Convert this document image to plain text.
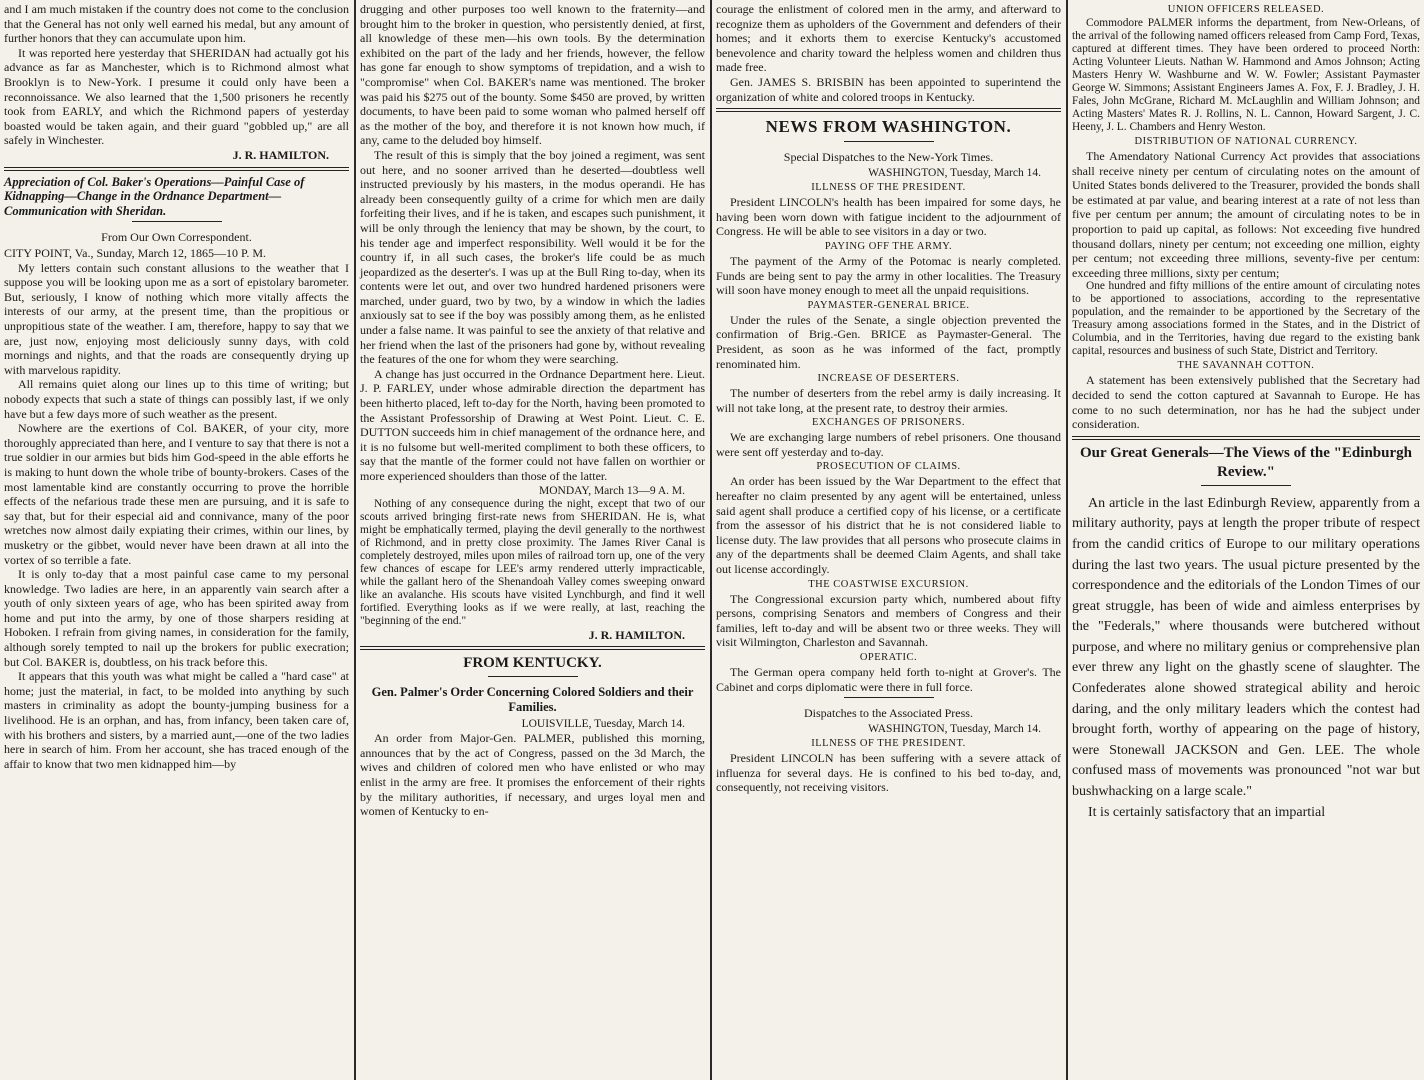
and I am much mistaken if the country does not come to the conclusion that the General has not only well earned his medal, but any amount of further honors that they can accumulate upon him.

It was reported here yesterday that SHERIDAN had actually got his advance as far as Manchester, which is to Richmond almost what Brooklyn is to New-York. I presume it could only have been a reconnoissance. We also learned that the 1,500 prisoners he recently took from EARLY, and which the Richmond papers of yesterday boasted would be taken again, and their guard "gobbled up," are all safely in Winchester.

J. R. HAMILTON.
Appreciation of Col. Baker's Operations—Painful Case of Kidnapping—Change in the Ordnance Department—Communication with Sheridan.
From Our Own Correspondent.

CITY POINT, Va., Sunday, March 12, 1865—10 P. M.

My letters contain such constant allusions to the weather that I suppose you will be looking upon me as a sort of epistolary barometer. But, seriously, I know of nothing which more vitally affects the interests of our army, at the present time, than the propitious or unpropitious state of the weather. I am, therefore, happy to say that we are, just now, enjoying most deliciously sunny days, with cold mornings and nights, and that the roads are consequently drying up with marvelous rapidity.

All remains quiet along our lines up to this time of writing; but nobody expects that such a state of things can possibly last, if we only have but a few days more of such weather as the present.

Nowhere are the exertions of Col. BAKER, of your city, more thoroughly appreciated than here, and I venture to say that there is not a true soldier in our armies but bids him God-speed in the able efforts he is making to hunt down the whole tribe of bounty-brokers. Cases of the most lamentable kind are constantly occurring to prove the horrible effects of the nefarious trade these men are pursuing, and it is safe to say that, but for their especial aid and connivance, many of the poor wretches now almost daily expiating their crimes, within our lines, by musketry or the gibbet, would never have been drawn at all into the vortex of so terrible a fate.

It is only to-day that a most painful case came to my personal knowledge. Two ladies are here, in an apparently vain search after a youth of only sixteen years of age, who has been spirited away from home and put into the army, by one of those sharpers residing at Hoboken. I refrain from giving names, in consideration for the family, although sorely tempted to nail up the brokers for public execration; but Col. BAKER is, doubtless, on his track before this.

It appears that this youth was what might be called a "hard case" at home; just the material, in fact, to be molded into anything by such masters in criminality as adopt the bounty-jumping business for a livelihood. He is an orphan, and has, from infancy, been taken care of, with his brothers and sisters, by a married aunt,—one of the two ladies here in search of him. From her account, she has traced enough of the affair to know that two men kidnapped him—by

drugging and other purposes too well known to the fraternity—and brought him to the broker in question, who persistently denied, at first, all knowledge of these men—his own tools. By the determination exhibited on the part of the lady and her friends, however, the fellow has gone far enough to show symptoms of trepidation, and a wish to "compromise" when Col. BAKER's name was mentioned. The broker was paid his $275 out of the bounty. Some $450 are proved, by written documents, to have been paid to some woman who palmed herself off as the mother of the boy, and therefore it is not known how much, if any, came to the deluded boy himself.

The result of this is simply that the boy joined a regiment, was sent out here, and no sooner arrived than he deserted—doubtless well instructed previously by his masters, in the modus operandi. He has already been consequently guilty of a crime for which men are daily forfeiting their lives, and if he is taken, and escapes such punishment, it will be only through the leniency that may be shown, by the court, to his tender age and imperfect responsibility. Well would it be for the country if, in all such cases, the broker's life could be as much jeopardized as the deserter's. I was up at the Bull Ring to-day, when its contents were let out, and over two hundred hardened prisoners were marched, under guard, two by two, by a window in which the ladies anxiously sat to see if the boy was possibly among them, as he enlisted under a false name. It was painful to see the anxiety of that relative and her friend when the last of the prisoners had gone by, without revealing the features of the one for whom they were searching.

A change has just occurred in the Ordnance Department here. Lieut. J. P. FARLEY, under whose admirable direction the department has been hitherto placed, left to-day for the North, having been promoted to the Assistant Professorship of Drawing at West Point. Lieut. C. E. DUTTON succeeds him in chief management of the ordnance here, and it is no fulsome but well-merited compliment to both these officers, to say that the mantle of the former could not have fallen on worthier or more experienced shoulders than those of the latter.

MONDAY, March 13—9 A. M.

Nothing of any consequence during the night, except that two of our scouts arrived bringing first-rate news from SHERIDAN. He is, what might be emphatically termed, playing the devil generally to the northwest of Richmond, and in pretty close proximity. The James River Canal is completely destroyed, miles upon miles of railroad torn up, one of the very few chances of escape for LEE's army rendered utterly impracticable, while the gallant hero of the Shenandoah Valley comes sweeping onward like an avalanche. His scouts have visited Lynchburgh, and find it well fortified. Everything looks as if we were really, at last, reaching the "beginning of the end."

J. R. HAMILTON.
FROM KENTUCKY.
Gen. Palmer's Order Concerning Colored Soldiers and their Families.
LOUISVILLE, Tuesday, March 14.

An order from Major-Gen. PALMER, published this morning, announces that by the act of Congress, passed on the 3d March, the wives and children of colored men who have enlisted or who may enlist in the army are free. It promises the enforcement of their rights by the military authorities, if necessary, and urges loyal men and women of Kentucky to en-

courage the enlistment of colored men in the army, and afterward to recognize them as upholders of the Government and defenders of their homes; and it exhorts them to exercise Kentucky's accustomed benevolence and charity toward the helpless women and children thus made free.

Gen. JAMES S. BRISBIN has been appointed to superintend the organization of white and colored troops in Kentucky.

NEWS FROM WASHINGTON.
Special Dispatches to the New-York Times.
WASHINGTON, Tuesday, March 14.
ILLNESS OF THE PRESIDENT.

President LINCOLN's health has been impaired for some days, he having been worn down with fatigue incident to the adjournment of Congress. He will be able to see visitors in a day or two.

PAYING OFF THE ARMY.

The payment of the Army of the Potomac is nearly completed. Funds are being sent to pay the army in other localities. The Treasury will soon have money enough to meet all the unpaid requisitions.

PAYMASTER-GENERAL BRICE.

Under the rules of the Senate, a single objection prevented the confirmation of Brig.-Gen. BRICE as Paymaster-General. The President, as soon as he was informed of the fact, promptly renominated him.

INCREASE OF DESERTERS.

The number of deserters from the rebel army is daily increasing. It will not take long, at the present rate, to destroy their armies.

EXCHANGES OF PRISONERS.

We are exchanging large numbers of rebel prisoners. One thousand were sent off yesterday and to-day.

PROSECUTION OF CLAIMS.

An order has been issued by the War Department to the effect that hereafter no claim presented by any agent will be entertained, unless said agent shall produce a certified copy of his license, or a certificate from the assessor of his district that he is not considered liable to license duty. The law provides that all persons who prosecute claims in any of the departments shall be deemed Claim Agents, and shall take out license accordingly.

THE COASTWISE EXCURSION.

The Congressional excursion party which, numbered about fifty persons, comprising Senators and members of Congress and their families, left to-day and will be absent two or three weeks. They will visit Wilmington, Charleston and Savannah.

OPERATIC.

The German opera company held forth to-night at Grover's. The Cabinet and corps diplomatic were there in full force.

Dispatches to the Associated Press.
WASHINGTON, Tuesday, March 14.
ILLNESS OF THE PRESIDENT.

President LINCOLN has been suffering with a severe attack of influenza for several days. He is confined to his bed to-day, and, consequently, not receiving visitors.

UNION OFFICERS RELEASED.

Commodore PALMER informs the department, from New-Orleans, of the arrival of the following named officers released from Camp Ford, Texas, captured at different times. They have been ordered to proceed North: Acting Volunteer Lieuts. Nathan W. Hammond and Amos Johnson; Acting Masters Henry W. Washburne and W. W. Fowler; Assistant Paymaster George W. Simmons; Assistant Engineers James A. Fox, F. J. Bradley, J. H. Fales, John McGrane, Richard M. McLaughlin and William Johnson; and Acting Masters' Mates R. J. Rollins, N. L. Cannon, Howard Sargent, J. C. Heeny, J. L. Chambers and Henry Weston.

DISTRIBUTION OF NATIONAL CURRENCY.

The Amendatory National Currency Act provides that associations shall receive ninety per centum of circulating notes on the amount of United States bonds delivered to the Treasurer, provided the bonds shall be estimated at par value, and bearing interest at a rate of not less than five per centum per annum; the amount of circulating notes to be in proportion to paid up capital, as follows: Not exceeding five hundred thousand dollars, ninety per centum; not exceeding one million, eighty per centum; not exceeding three millions, seventy-five per centum: exceeding three millions, sixty per centum;

One hundred and fifty millions of the entire amount of circulating notes to be apportioned to associations, according to the representative population, and the remainder to be apportioned by the Secretary of the Treasury among associations formed in the States, and in the District of Columbia, and in the Territories, having due regard to the existing bank capital, resources and business of such State, District and Territory.

THE SAVANNAH COTTON.

A statement has been extensively published that the Secretary had decided to send the cotton captured at Savannah to Europe. He has come to no such determination, nor has he had the subject under consideration.

Our Great Generals—The Views of the "Edinburgh Review."

An article in the last Edinburgh Review, apparently from a military authority, pays at length the proper tribute of respect from the candid critics of Europe to our military operations during the last two years. The usual picture presented by the correspondence and the editorials of the London Times of our great struggle, has been of wide and aimless enterprises by the "Federals," where thousands were butchered without purpose, and where no military genius or comprehensive plan ever threw any light on the ghastly scene of slaughter. The Confederates alone showed strategical ability and heroic daring, and the only military leaders which the contest had brought forth, worthy of appearing on the page of history, were Stonewall JACKSON and Gen. LEE. The whole confused mass of movements was pronounced "not war but bushwhacking on a large scale."

It is certainly satisfactory that an impartial
